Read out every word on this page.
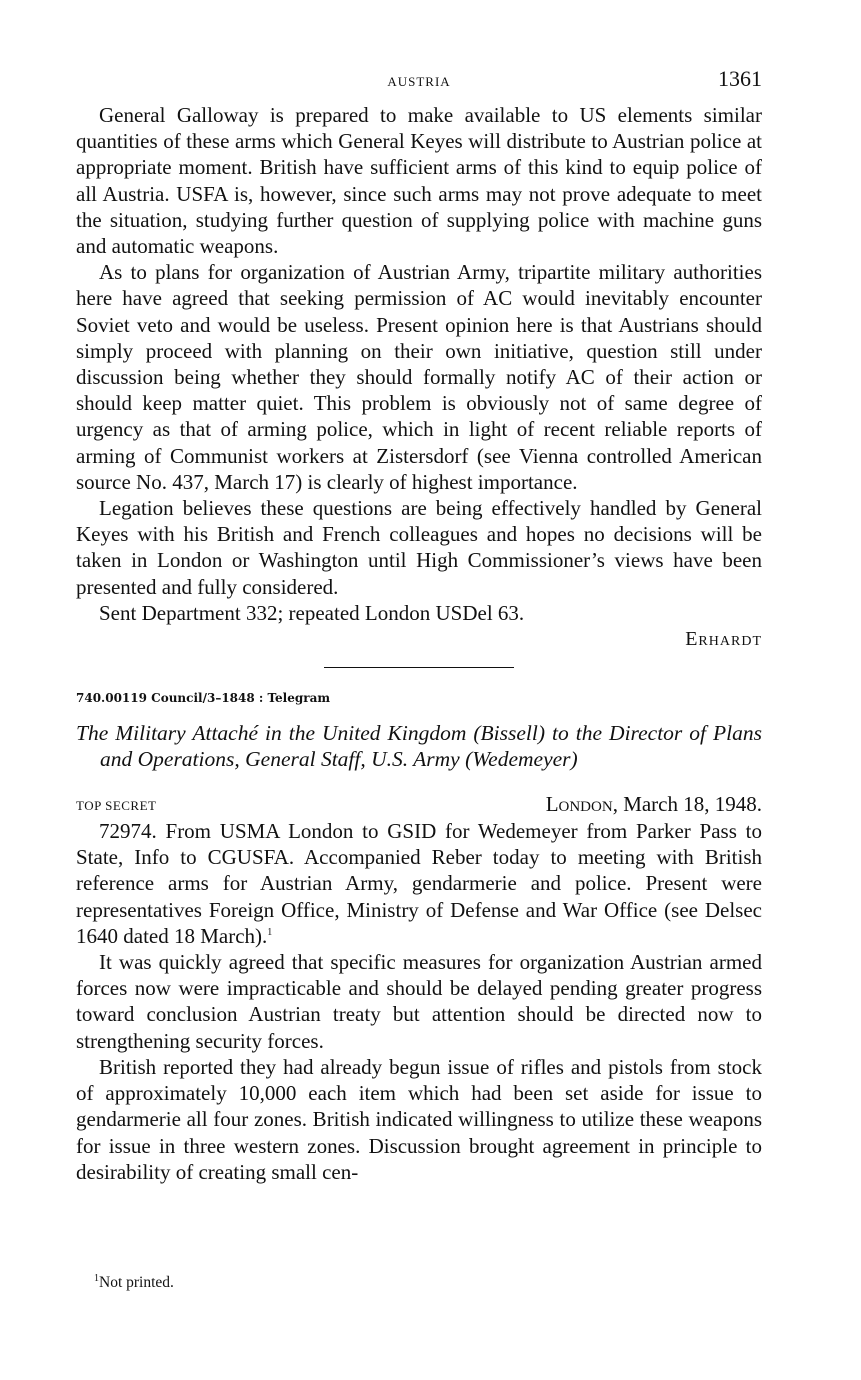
AUSTRIA	1361

General Galloway is prepared to make available to US elements similar quantities of these arms which General Keyes will distribute to Austrian police at appropriate moment. British have sufficient arms of this kind to equip police of all Austria. USFA is, however, since such arms may not prove adequate to meet the situation, studying further question of supplying police with machine guns and automatic weapons.

As to plans for organization of Austrian Army, tripartite military authorities here have agreed that seeking permission of AC would inevitably encounter Soviet veto and would be useless. Present opinion here is that Austrians should simply proceed with planning on their own initiative, question still under discussion being whether they should formally notify AC of their action or should keep matter quiet. This problem is obviously not of same degree of urgency as that of arming police, which in light of recent reliable reports of arming of Communist workers at Zistersdorf (see Vienna controlled American source No. 437, March 17) is clearly of highest importance.

Legation believes these questions are being effectively handled by General Keyes with his British and French colleagues and hopes no decisions will be taken in London or Washington until High Commissioner’s views have been presented and fully considered.

Sent Department 332; repeated London USDel 63.

Erhardt
740.00119 Council/3–1848 : Telegram
The Military Attaché in the United Kingdom (Bissell) to the Director of Plans and Operations, General Staff, U.S. Army (Wedemeyer)
TOP SECRET	London, March 18, 1948.

72974. From USMA London to GSID for Wedemeyer from Parker Pass to State, Info to CGUSFA. Accompanied Reber today to meeting with British reference arms for Austrian Army, gendarmerie and police. Present were representatives Foreign Office, Ministry of Defense and War Office (see Delsec 1640 dated 18 March).$^1$

It was quickly agreed that specific measures for organization Austrian armed forces now were impracticable and should be delayed pending greater progress toward conclusion Austrian treaty but attention should be directed now to strengthening security forces.

British reported they had already begun issue of rifles and pistols from stock of approximately 10,000 each item which had been set aside for issue to gendarmerie all four zones. British indicated willingness to utilize these weapons for issue in three western zones. Discussion brought agreement in principle to desirability of creating small cen-

$^1$Not printed.
